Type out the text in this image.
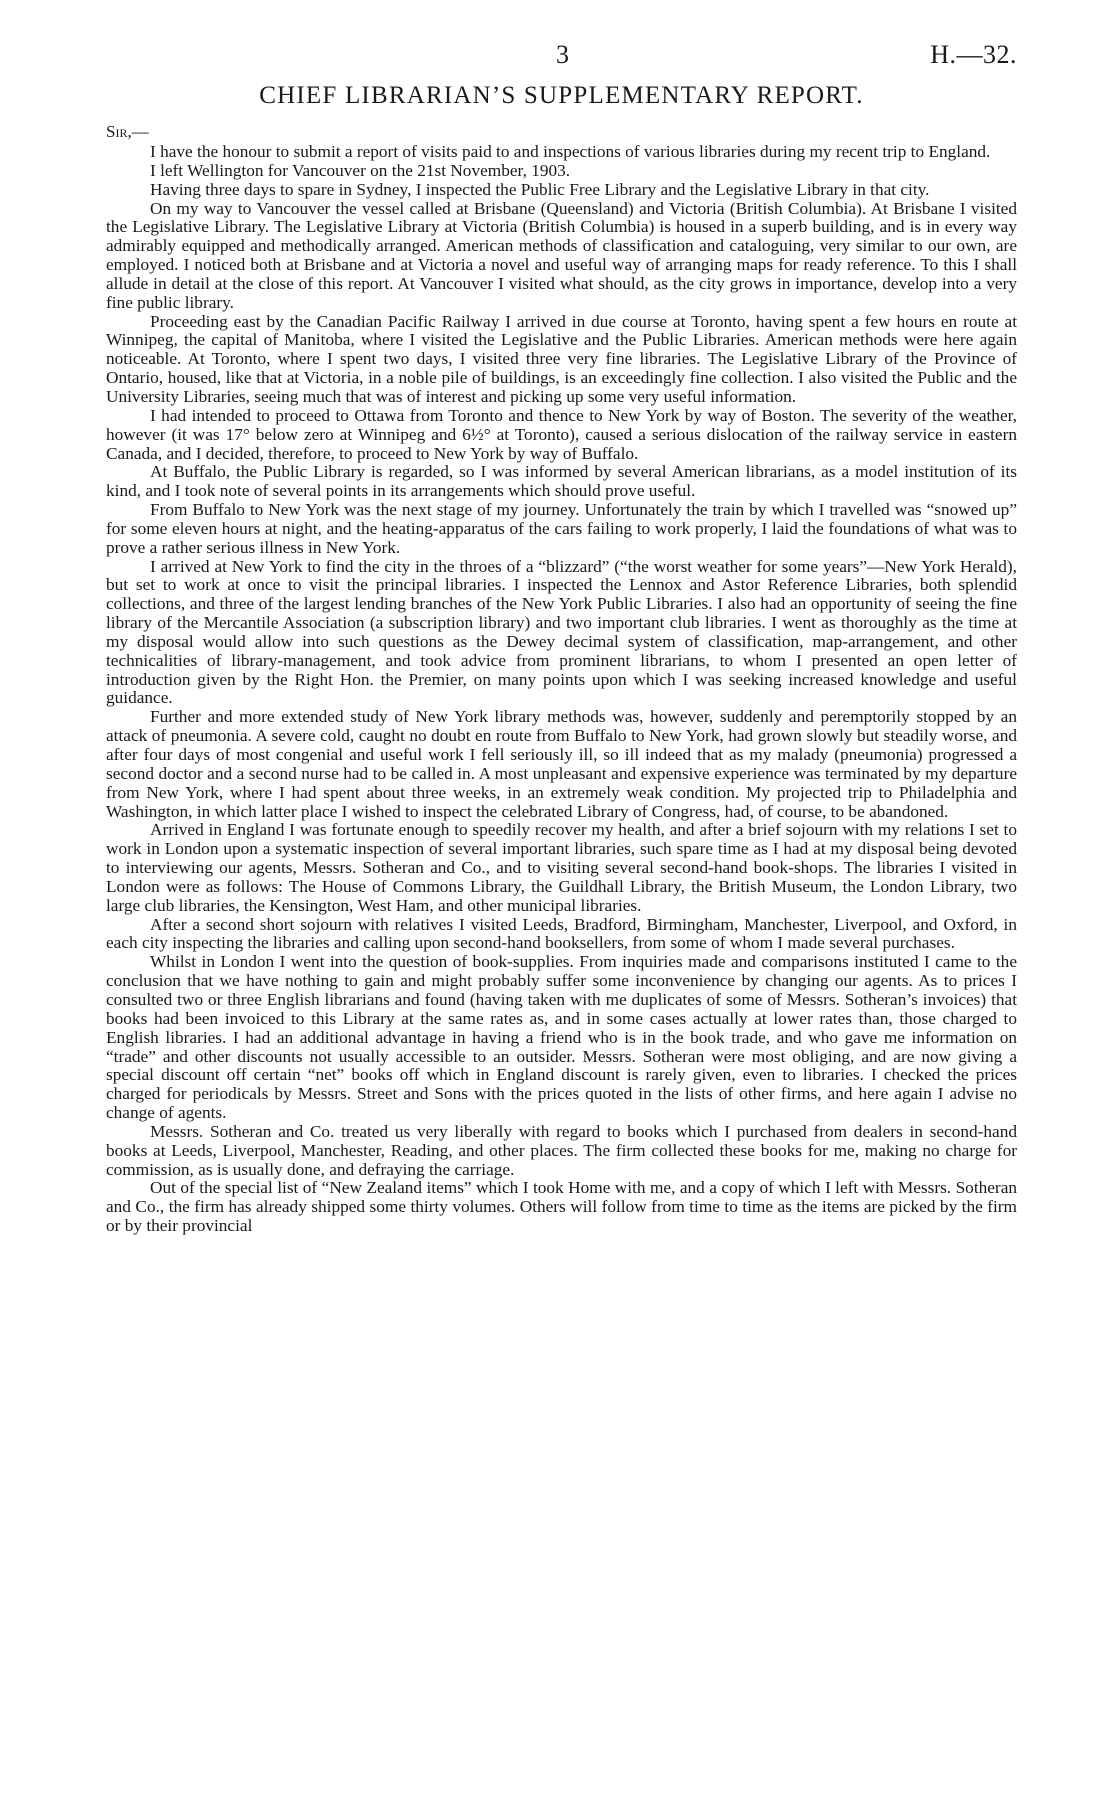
3	H.—32.
CHIEF LIBRARIAN’S SUPPLEMENTARY REPORT.
Sir,—

I have the honour to submit a report of visits paid to and inspections of various libraries during my recent trip to England.

I left Wellington for Vancouver on the 21st November, 1903.

Having three days to spare in Sydney, I inspected the Public Free Library and the Legislative Library in that city.

On my way to Vancouver the vessel called at Brisbane (Queensland) and Victoria (British Columbia). At Brisbane I visited the Legislative Library. The Legislative Library at Victoria (British Columbia) is housed in a superb building, and is in every way admirably equipped and methodically arranged. American methods of classification and cataloguing, very similar to our own, are employed. I noticed both at Brisbane and at Victoria a novel and useful way of arranging maps for ready reference. To this I shall allude in detail at the close of this report. At Vancouver I visited what should, as the city grows in importance, develop into a very fine public library.

Proceeding east by the Canadian Pacific Railway I arrived in due course at Toronto, having spent a few hours en route at Winnipeg, the capital of Manitoba, where I visited the Legislative and the Public Libraries. American methods were here again noticeable. At Toronto, where I spent two days, I visited three very fine libraries. The Legislative Library of the Province of Ontario, housed, like that at Victoria, in a noble pile of buildings, is an exceedingly fine collection. I also visited the Public and the University Libraries, seeing much that was of interest and picking up some very useful information.

I had intended to proceed to Ottawa from Toronto and thence to New York by way of Boston. The severity of the weather, however (it was 17° below zero at Winnipeg and 6½° at Toronto), caused a serious dislocation of the railway service in eastern Canada, and I decided, therefore, to proceed to New York by way of Buffalo.

At Buffalo, the Public Library is regarded, so I was informed by several American librarians, as a model institution of its kind, and I took note of several points in its arrangements which should prove useful.

From Buffalo to New York was the next stage of my journey. Unfortunately the train by which I travelled was “snowed up” for some eleven hours at night, and the heating-apparatus of the cars failing to work properly, I laid the foundations of what was to prove a rather serious illness in New York.

I arrived at New York to find the city in the throes of a “blizzard” (“the worst weather for some years”—New York Herald), but set to work at once to visit the principal libraries. I inspected the Lennox and Astor Reference Libraries, both splendid collections, and three of the largest lending branches of the New York Public Libraries. I also had an opportunity of seeing the fine library of the Mercantile Association (a subscription library) and two important club libraries. I went as thoroughly as the time at my disposal would allow into such questions as the Dewey decimal system of classification, map-arrangement, and other technicalities of library-management, and took advice from prominent librarians, to whom I presented an open letter of introduction given by the Right Hon. the Premier, on many points upon which I was seeking increased knowledge and useful guidance.

Further and more extended study of New York library methods was, however, suddenly and peremptorily stopped by an attack of pneumonia. A severe cold, caught no doubt en route from Buffalo to New York, had grown slowly but steadily worse, and after four days of most congenial and useful work I fell seriously ill, so ill indeed that as my malady (pneumonia) progressed a second doctor and a second nurse had to be called in. A most unpleasant and expensive experience was terminated by my departure from New York, where I had spent about three weeks, in an extremely weak condition. My projected trip to Philadelphia and Washington, in which latter place I wished to inspect the celebrated Library of Congress, had, of course, to be abandoned.

Arrived in England I was fortunate enough to speedily recover my health, and after a brief sojourn with my relations I set to work in London upon a systematic inspection of several important libraries, such spare time as I had at my disposal being devoted to interviewing our agents, Messrs. Sotheran and Co., and to visiting several second-hand book-shops. The libraries I visited in London were as follows: The House of Commons Library, the Guildhall Library, the British Museum, the London Library, two large club libraries, the Kensington, West Ham, and other municipal libraries.

After a second short sojourn with relatives I visited Leeds, Bradford, Birmingham, Manchester, Liverpool, and Oxford, in each city inspecting the libraries and calling upon second-hand booksellers, from some of whom I made several purchases.

Whilst in London I went into the question of book-supplies. From inquiries made and comparisons instituted I came to the conclusion that we have nothing to gain and might probably suffer some inconvenience by changing our agents. As to prices I consulted two or three English librarians and found (having taken with me duplicates of some of Messrs. Sotheran’s invoices) that books had been invoiced to this Library at the same rates as, and in some cases actually at lower rates than, those charged to English libraries. I had an additional advantage in having a friend who is in the book trade, and who gave me information on “trade” and other discounts not usually accessible to an outsider. Messrs. Sotheran were most obliging, and are now giving a special discount off certain “net” books off which in England discount is rarely given, even to libraries. I checked the prices charged for periodicals by Messrs. Street and Sons with the prices quoted in the lists of other firms, and here again I advise no change of agents.

Messrs. Sotheran and Co. treated us very liberally with regard to books which I purchased from dealers in second-hand books at Leeds, Liverpool, Manchester, Reading, and other places. The firm collected these books for me, making no charge for commission, as is usually done, and defraying the carriage.

Out of the special list of “New Zealand items” which I took Home with me, and a copy of which I left with Messrs. Sotheran and Co., the firm has already shipped some thirty volumes. Others will follow from time to time as the items are picked by the firm or by their provincial
